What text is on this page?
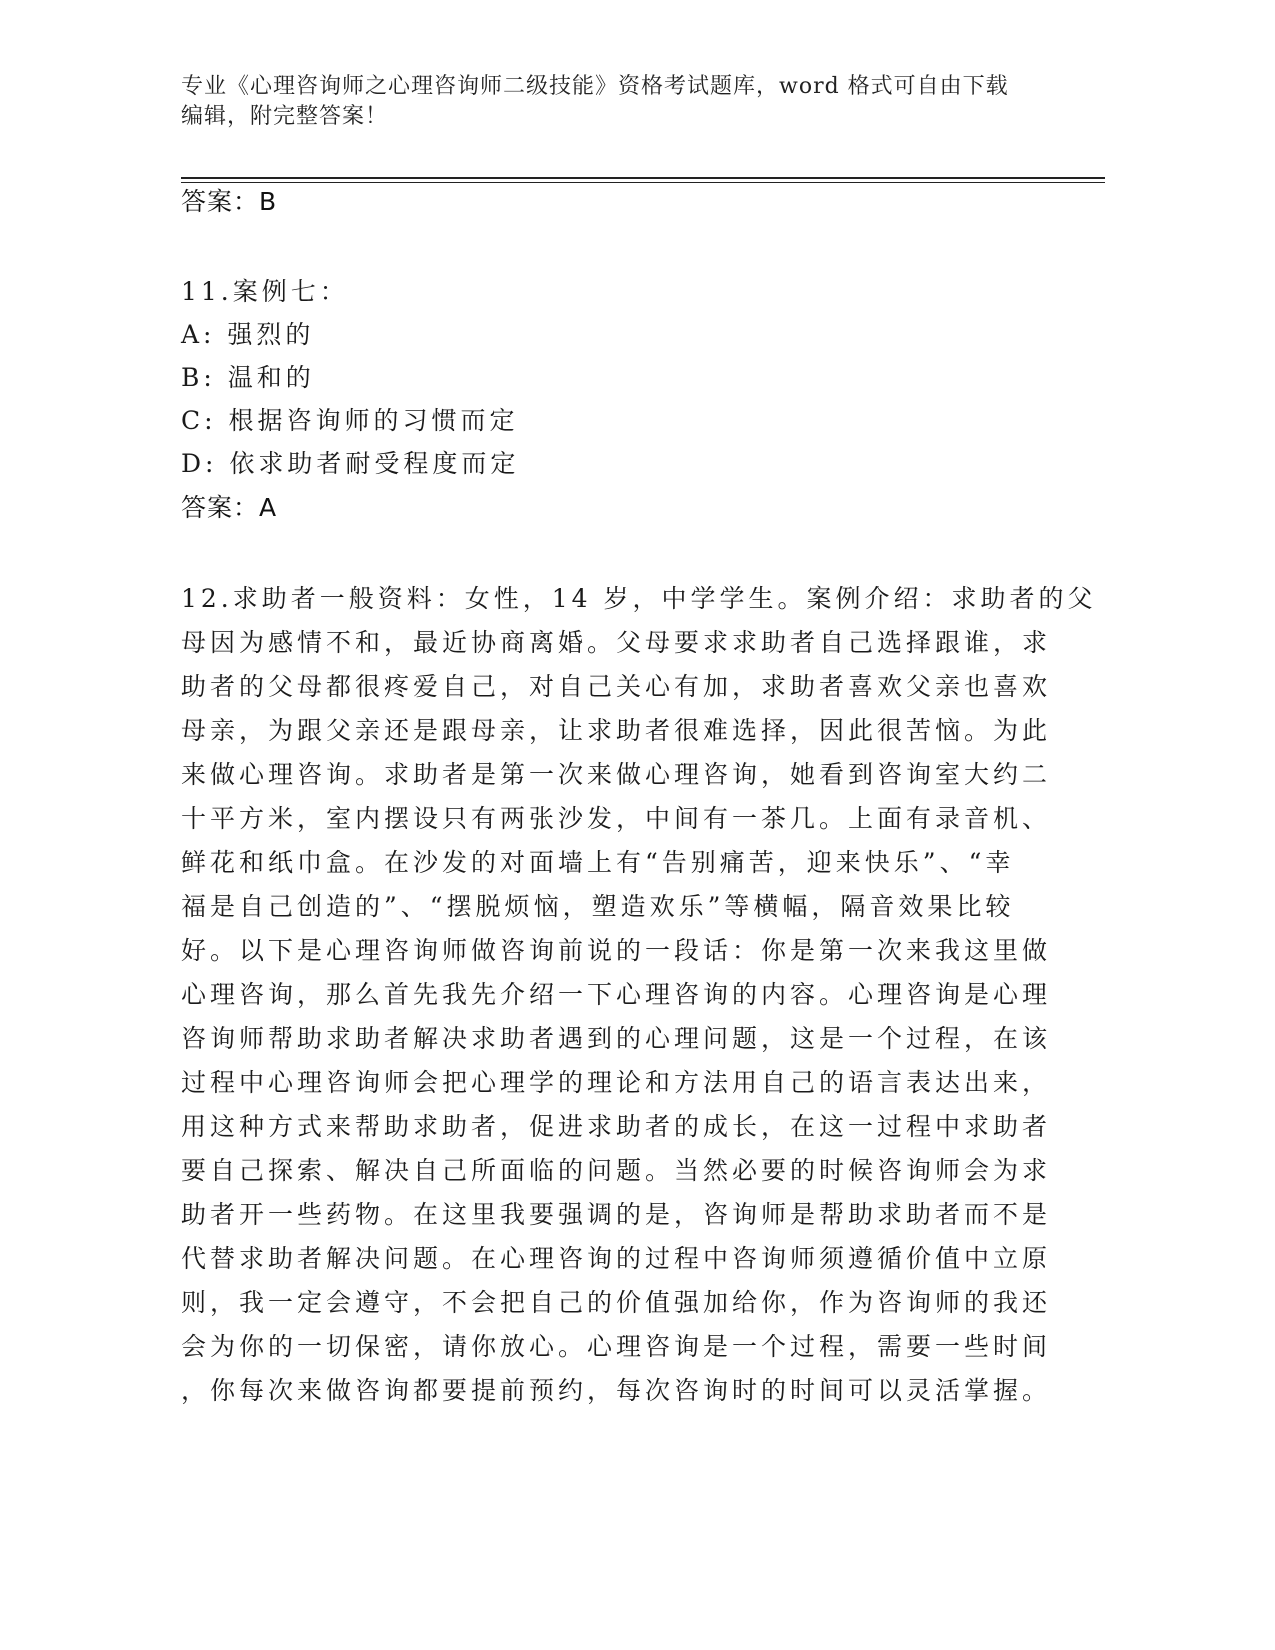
专业《心理咨询师之心理咨询师二级技能》资格考试题库，word 格式可自由下载
编辑，附完整答案！
答案：B
11.案例七：
A: 强烈的
B: 温和的
C: 根据咨询师的习惯而定
D: 依求助者耐受程度而定
答案：A
12.求助者一般资料：女性，14 岁，中学学生。案例介绍：求助者的父
母因为感情不和，最近协商离婚。父母要求求助者自己选择跟谁，求
助者的父母都很疼爱自己，对自己关心有加，求助者喜欢父亲也喜欢
母亲，为跟父亲还是跟母亲，让求助者很难选择，因此很苦恼。为此
来做心理咨询。求助者是第一次来做心理咨询，她看到咨询室大约二
十平方米，室内摆设只有两张沙发，中间有一茶几。上面有录音机、
鲜花和纸巾盒。在沙发的对面墙上有“告别痛苦，迎来快乐”、“幸
福是自己创造的”、“摆脱烦恼，塑造欢乐”等横幅，隔音效果比较
好。以下是心理咨询师做咨询前说的一段话：你是第一次来我这里做
心理咨询，那么首先我先介绍一下心理咨询的内容。心理咨询是心理
咨询师帮助求助者解决求助者遇到的心理问题，这是一个过程，在该
过程中心理咨询师会把心理学的理论和方法用自己的语言表达出来，
用这种方式来帮助求助者，促进求助者的成长，在这一过程中求助者
要自己探索、解决自己所面临的问题。当然必要的时候咨询师会为求
助者开一些药物。在这里我要强调的是，咨询师是帮助求助者而不是
代替求助者解决问题。在心理咨询的过程中咨询师须遵循价值中立原
则，我一定会遵守，不会把自己的价值强加给你，作为咨询师的我还
会为你的一切保密，请你放心。心理咨询是一个过程，需要一些时间
，你每次来做咨询都要提前预约，每次咨询时的时间可以灵活掌握。
